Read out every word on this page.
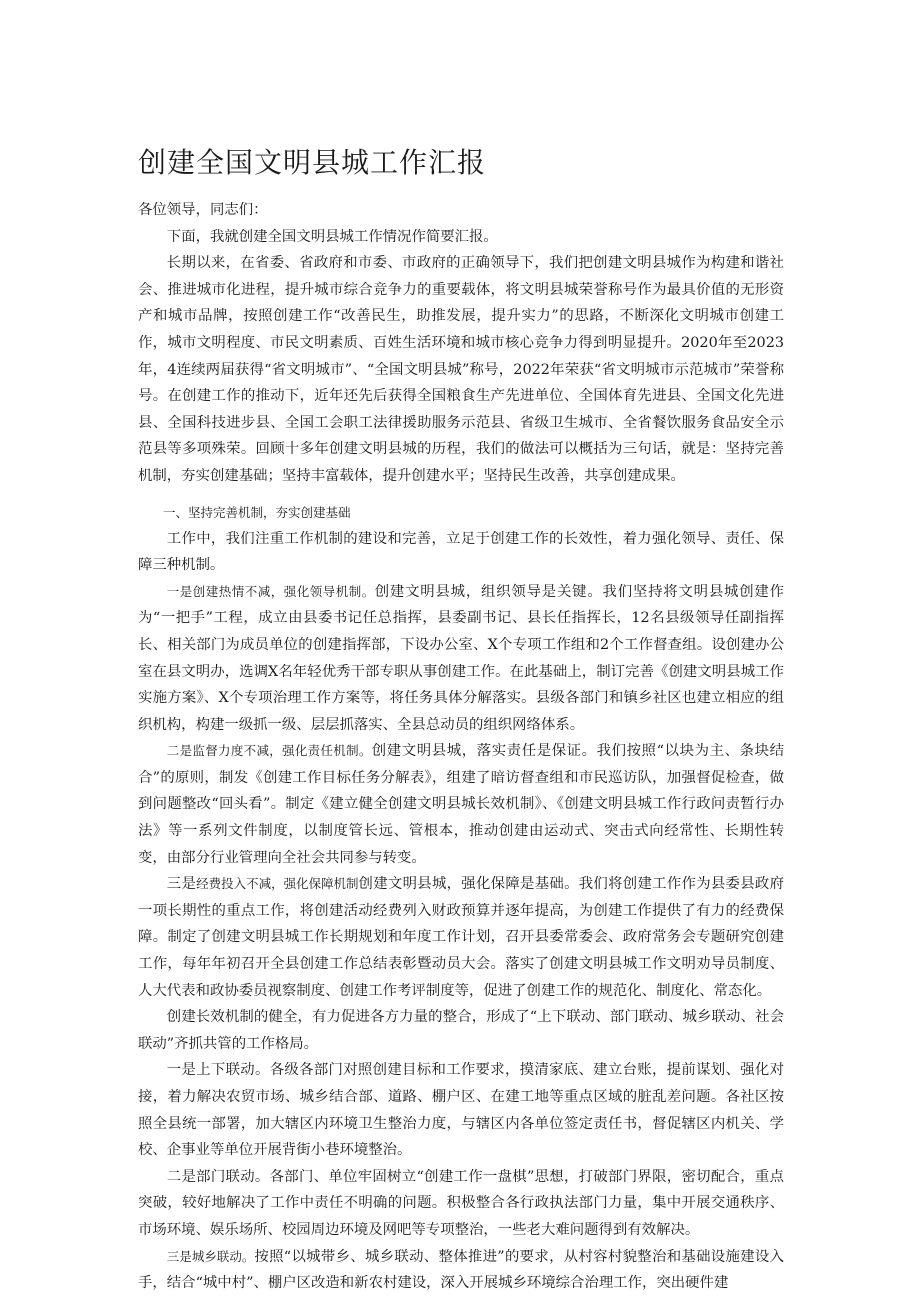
创建全国文明县城工作汇报

各位领导，同志们：

下面，我就创建全国文明县城工作情况作简要汇报。

长期以来，在省委、省政府和市委、市政府的正确领导下，我们把创建文明县城作为构建和谐社会、推进城市化进程，提升城市综合竞争力的重要载体，将文明县城荣誉称号作为最具价值的无形资产和城市品牌，按照创建工作“改善民生，助推发展，提升实力”的思路，不断深化文明城市创建工作，城市文明程度、市民文明素质、百姓生活环境和城市核心竞争力得到明显提升。2020年至2023年，4连续两届获得“省文明城市”、“全国文明县城”称号，2022年荣获“省文明城市示范城市”荣誉称号。在创建工作的推动下，近年还先后获得全国粮食生产先进单位、全国体育先进县、全国文化先进县、全国科技进步县、全国工会职工法律援助服务示范县、省级卫生城市、全省餐饮服务食品安全示范县等多项殊荣。回顾十多年创建文明县城的历程，我们的做法可以概括为三句话，就是：坚持完善机制，夯实创建基础；坚持丰富载体，提升创建水平；坚持民生改善，共享创建成果。

一、坚持完善机制，夯实创建基础

工作中，我们注重工作机制的建设和完善，立足于创建工作的长效性，着力强化领导、责任、保障三种机制。

一是创建热情不减，强化领导机制。创建文明县城，组织领导是关键。我们坚持将文明县城创建作为“一把手”工程，成立由县委书记任总指挥，县委副书记、县长任指挥长，12名县级领导任副指挥长、相关部门为成员单位的创建指挥部，下设办公室、X个专项工作组和2个工作督查组。设创建办公室在县文明办，选调X名年轻优秀干部专职从事创建工作。在此基础上，制订完善《创建文明县城工作实施方案》、X个专项治理工作方案等，将任务具体分解落实。县级各部门和镇乡社区也建立相应的组织机构，构建一级抓一级、层层抓落实、全县总动员的组织网络体系。

二是监督力度不减，强化责任机制。创建文明县城，落实责任是保证。我们按照“以块为主、条块结合”的原则，制发《创建工作目标任务分解表》，组建了暗访督查组和市民巡访队，加强督促检查，做到问题整改“回头看”。制定《建立健全创建文明县城长效机制》、《创建文明县城工作行政问责暂行办法》等一系列文件制度，以制度管长远、管根本，推动创建由运动式、突击式向经常性、长期性转变，由部分行业管理向全社会共同参与转变。

三是经费投入不减，强化保障机制创建文明县城，强化保障是基础。我们将创建工作作为县委县政府一项长期性的重点工作，将创建活动经费列入财政预算并逐年提高，为创建工作提供了有力的经费保障。制定了创建文明县城工作长期规划和年度工作计划，召开县委常委会、政府常务会专题研究创建工作，每年年初召开全县创建工作总结表彰暨动员大会。落实了创建文明县城工作文明劝导员制度、人大代表和政协委员视察制度、创建工作考评制度等，促进了创建工作的规范化、制度化、常态化。

创建长效机制的健全，有力促进各方力量的整合，形成了“上下联动、部门联动、城乡联动、社会联动”齐抓共管的工作格局。

一是上下联动。各级各部门对照创建目标和工作要求，摸清家底、建立台账，提前谋划、强化对接，着力解决农贸市场、城乡结合部、道路、棚户区、在建工地等重点区域的脏乱差问题。各社区按照全县统一部署，加大辖区内环境卫生整治力度，与辖区内各单位签定责任书，督促辖区内机关、学校、企事业等单位开展背街小巷环境整治。

二是部门联动。各部门、单位牢固树立“创建工作一盘棋”思想，打破部门界限，密切配合，重点突破，较好地解决了工作中责任不明确的问题。积极整合各行政执法部门力量，集中开展交通秩序、市场环境、娱乐场所、校园周边环境及网吧等专项整治，一些老大难问题得到有效解决。

三是城乡联动。按照“以城带乡、城乡联动、整体推进”的要求，从村容村貌整治和基础设施建设入手，结合“城中村”、棚户区改造和新农村建设，深入开展城乡环境综合治理工作，突出硬件建
